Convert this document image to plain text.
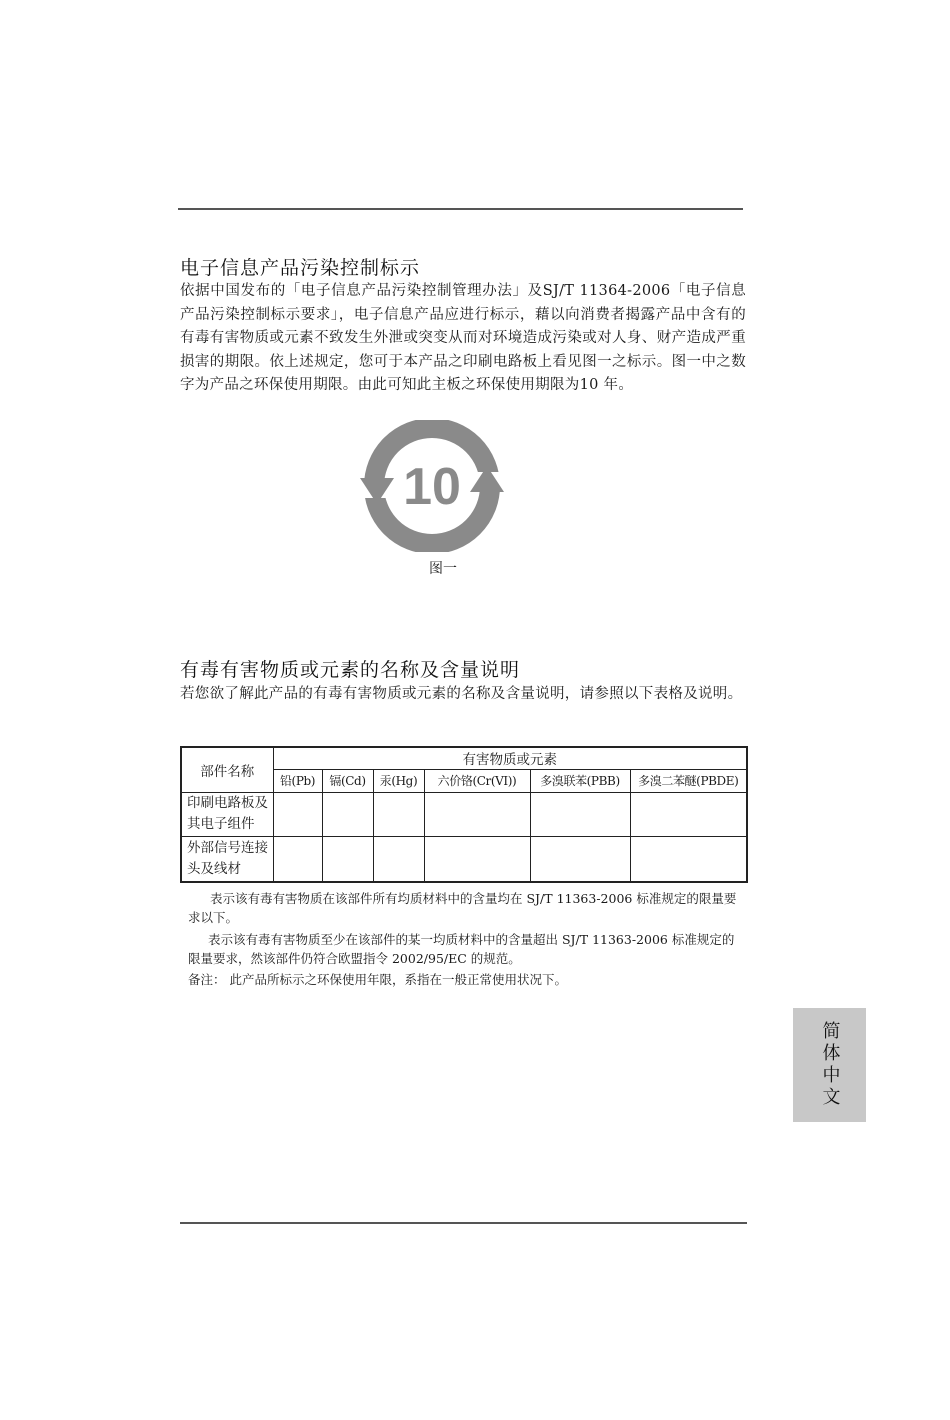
电子信息产品污染控制标示

依据中国发布的「电子信息产品污染控制管理办法」及SJ/T 11364-2006「电子信息产品污染控制标示要求」，电子信息产品应进行标示，藉以向消费者揭露产品中含有的有毒有害物质或元素不致发生外泄或突变从而对环境造成污染或对人身、财产造成严重损害的期限。依上述规定，您可于本产品之印刷电路板上看见图一之标示。图一中之数字为产品之环保使用期限。由此可知此主板之环保使用期限为10 年。

10
图一
有毒有害物质或元素的名称及含量说明

若您欲了解此产品的有毒有害物质或元素的名称及含量说明，请参照以下表格及说明。

部件名称	有害物质或元素					
	铅(Pb)	镉(Cd)	汞(Hg)	六价铬(Cr(VI))	多溴联苯(PBB)	多溴二苯醚(PBDE)
印刷电路板及其电子组件						
外部信号连接头及线材						

表示该有毒有害物质在该部件所有均质材料中的含量均在 SJ/T 11363-2006 标准规定的限量要求以下。

表示该有毒有害物质至少在该部件的某一均质材料中的含量超出 SJ/T 11363-2006 标准规定的限量要求，然该部件仍符合欧盟指令 2002/95/EC 的规范。

备注： 此产品所标示之环保使用年限，系指在一般正常使用状况下。

简体中文
